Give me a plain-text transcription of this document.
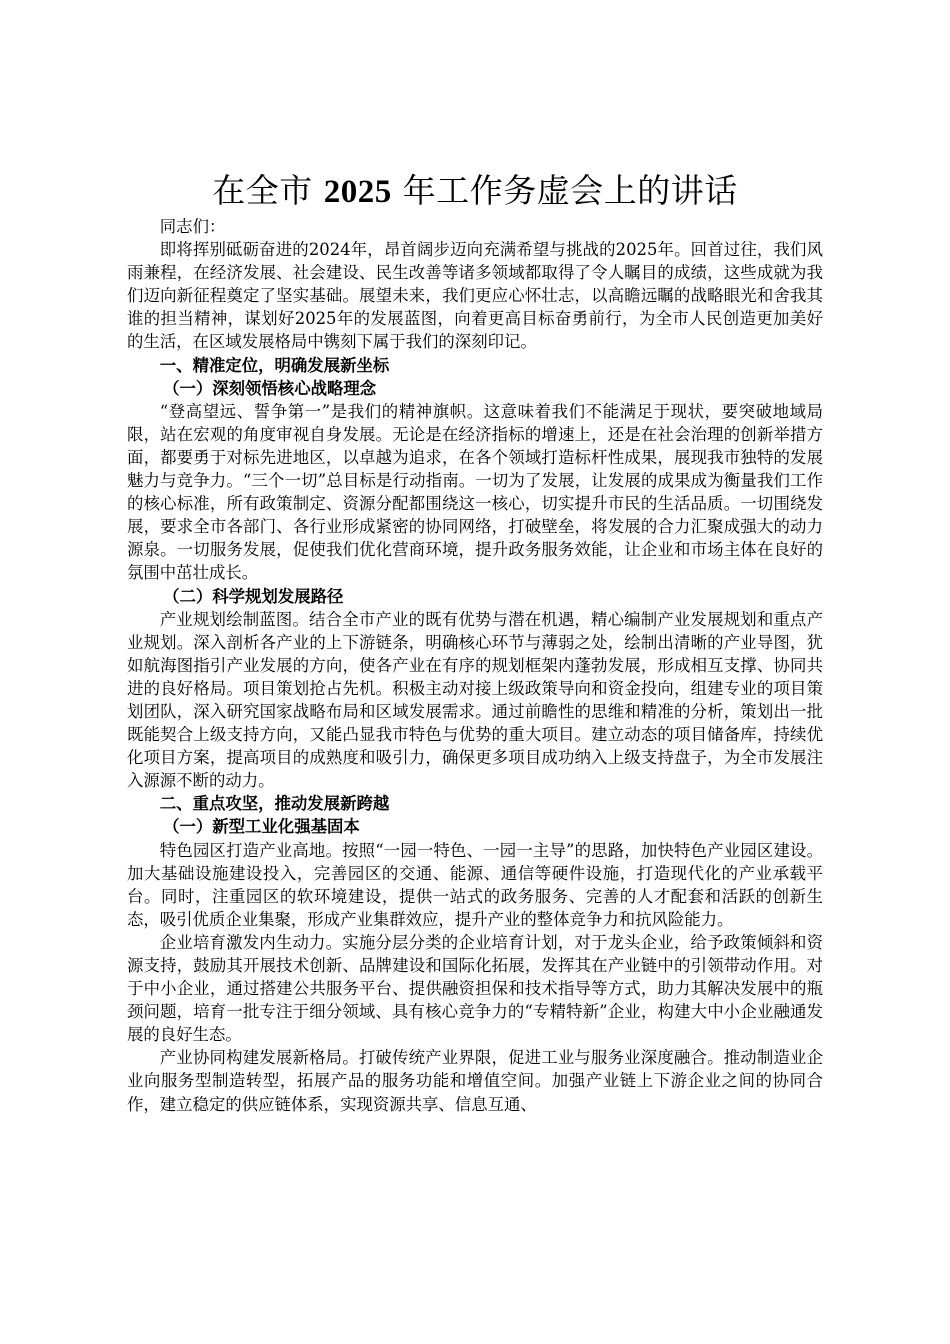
在全市 2025 年工作务虚会上的讲话

同志们：

即将挥别砥砺奋进的2024年，昂首阔步迈向充满希望与挑战的2025年。回首过往，我们风雨兼程，在经济发展、社会建设、民生改善等诸多领域都取得了令人瞩目的成绩，这些成就为我们迈向新征程奠定了坚实基础。展望未来，我们更应心怀壮志，以高瞻远瞩的战略眼光和舍我其谁的担当精神，谋划好2025年的发展蓝图，向着更高目标奋勇前行，为全市人民创造更加美好的生活，在区域发展格局中镌刻下属于我们的深刻印记。

一、精准定位，明确发展新坐标

（一）深刻领悟核心战略理念

“登高望远、誓争第一”是我们的精神旗帜。这意味着我们不能满足于现状，要突破地域局限，站在宏观的角度审视自身发展。无论是在经济指标的增速上，还是在社会治理的创新举措方面，都要勇于对标先进地区，以卓越为追求，在各个领域打造标杆性成果，展现我市独特的发展魅力与竞争力。“三个一切”总目标是行动指南。一切为了发展，让发展的成果成为衡量我们工作的核心标准，所有政策制定、资源分配都围绕这一核心，切实提升市民的生活品质。一切围绕发展，要求全市各部门、各行业形成紧密的协同网络，打破壁垒，将发展的合力汇聚成强大的动力源泉。一切服务发展，促使我们优化营商环境，提升政务服务效能，让企业和市场主体在良好的氛围中茁壮成长。

（二）科学规划发展路径

产业规划绘制蓝图。结合全市产业的既有优势与潜在机遇，精心编制产业发展规划和重点产业规划。深入剖析各产业的上下游链条，明确核心环节与薄弱之处，绘制出清晰的产业导图，犹如航海图指引产业发展的方向，使各产业在有序的规划框架内蓬勃发展，形成相互支撑、协同共进的良好格局。项目策划抢占先机。积极主动对接上级政策导向和资金投向，组建专业的项目策划团队，深入研究国家战略布局和区域发展需求。通过前瞻性的思维和精准的分析，策划出一批既能契合上级支持方向，又能凸显我市特色与优势的重大项目。建立动态的项目储备库，持续优化项目方案，提高项目的成熟度和吸引力，确保更多项目成功纳入上级支持盘子，为全市发展注入源源不断的动力。

二、重点攻坚，推动发展新跨越

（一）新型工业化强基固本

特色园区打造产业高地。按照“一园一特色、一园一主导”的思路，加快特色产业园区建设。加大基础设施建设投入，完善园区的交通、能源、通信等硬件设施，打造现代化的产业承载平台。同时，注重园区的软环境建设，提供一站式的政务服务、完善的人才配套和活跃的创新生态，吸引优质企业集聚，形成产业集群效应，提升产业的整体竞争力和抗风险能力。

企业培育激发内生动力。实施分层分类的企业培育计划，对于龙头企业，给予政策倾斜和资源支持，鼓励其开展技术创新、品牌建设和国际化拓展，发挥其在产业链中的引领带动作用。对于中小企业，通过搭建公共服务平台、提供融资担保和技术指导等方式，助力其解决发展中的瓶颈问题，培育一批专注于细分领域、具有核心竞争力的“专精特新”企业，构建大中小企业融通发展的良好生态。

产业协同构建发展新格局。打破传统产业界限，促进工业与服务业深度融合。推动制造业企业向服务型制造转型，拓展产品的服务功能和增值空间。加强产业链上下游企业之间的协同合作，建立稳定的供应链体系，实现资源共享、信息互通、
